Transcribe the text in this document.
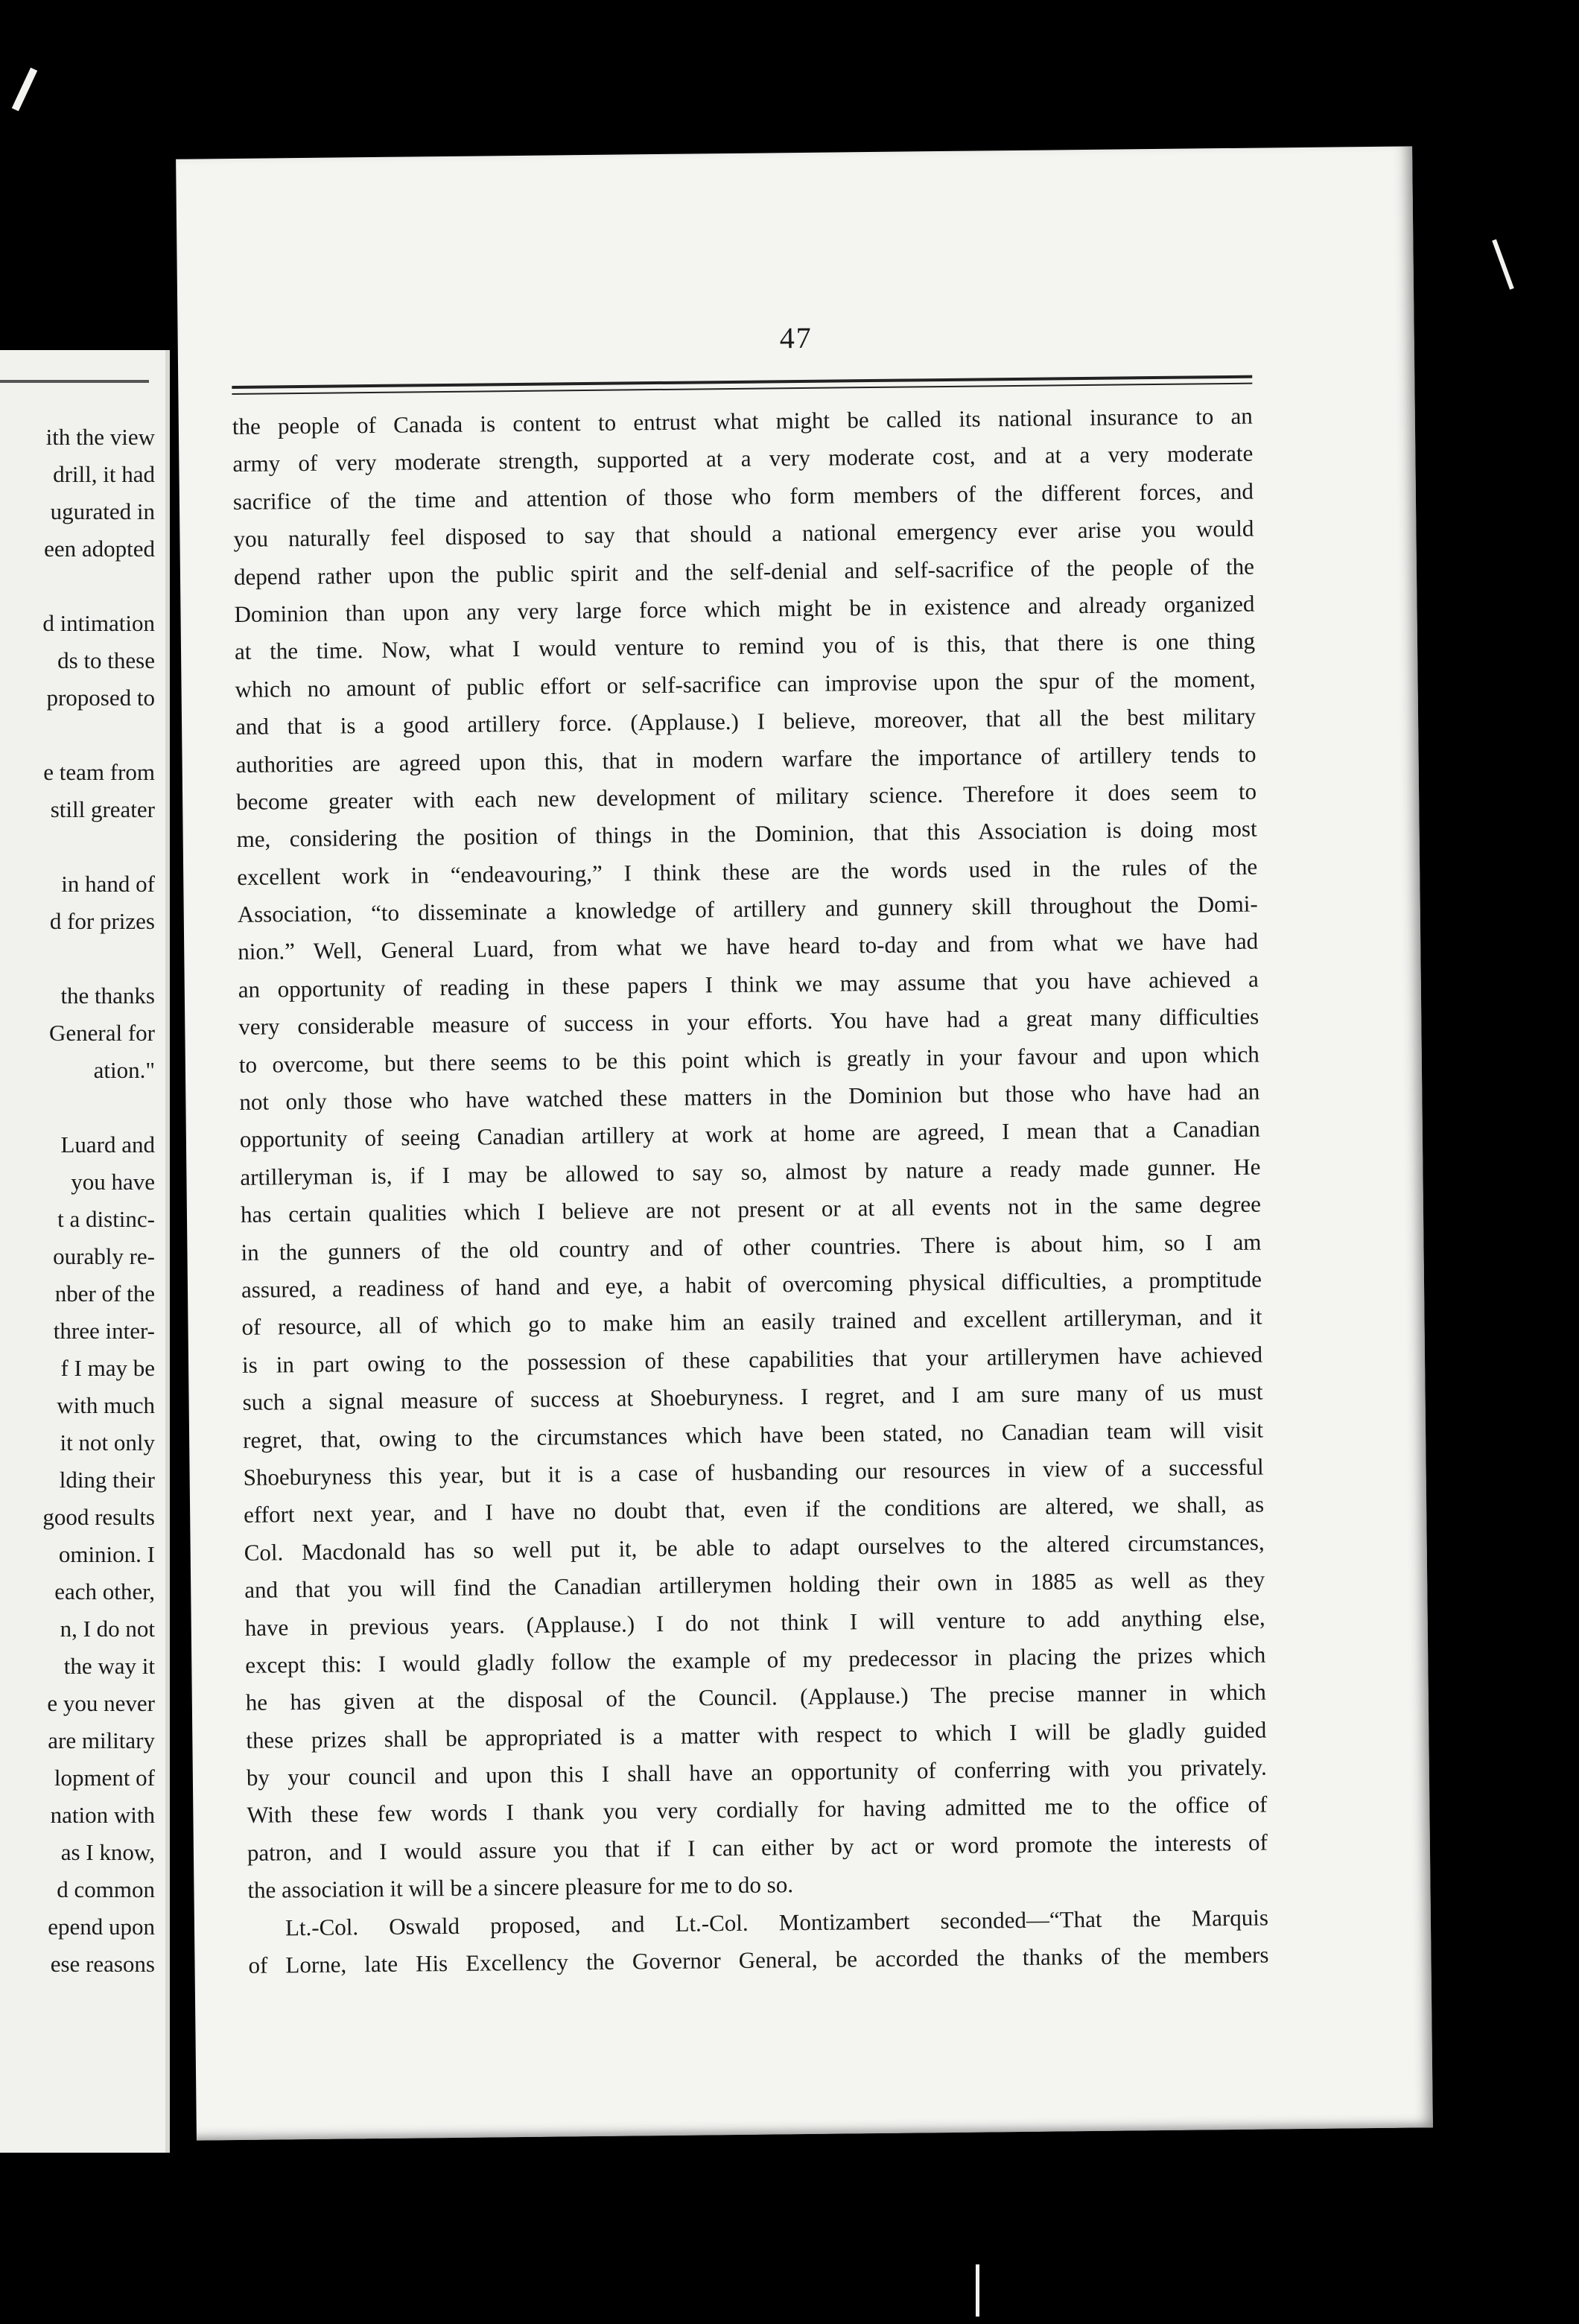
ith the view
drill, it had
ugurated in
een adopted
d intimation
ds to these
proposed to
e team from
still greater
in hand of
d for prizes
the thanks
General for
ation."
Luard and
you have
t a distinc-
ourably re-
nber of the
three inter-
f I may be
with much
it not only
lding their
good results
ominion. I
each other,
n, I do not
the way it
e you never
are military
lopment of
nation with
as I know,
d common
epend upon
ese reasons
47
the people of Canada is content to entrust what might be called its national insurance to an
army of very moderate strength, supported at a very moderate cost, and at a very moderate
sacrifice of the time and attention of those who form members of the different forces, and
you naturally feel disposed to say that should a national emergency ever arise you would
depend rather upon the public spirit and the self-denial and self-sacrifice of the people of the
Dominion than upon any very large force which might be in existence and already organized
at the time. Now, what I would venture to remind you of is this, that there is one thing
which no amount of public effort or self-sacrifice can improvise upon the spur of the moment,
and that is a good artillery force. (Applause.) I believe, moreover, that all the best military
authorities are agreed upon this, that in modern warfare the importance of artillery tends to
become greater with each new development of military science. Therefore it does seem to
me, considering the position of things in the Dominion, that this Association is doing most
excellent work in “endeavouring,” I think these are the words used in the rules of the
Association, “to disseminate a knowledge of artillery and gunnery skill throughout the Domi-
nion.” Well, General Luard, from what we have heard to-day and from what we have had
an opportunity of reading in these papers I think we may assume that you have achieved a
very considerable measure of success in your efforts. You have had a great many difficulties
to overcome, but there seems to be this point which is greatly in your favour and upon which
not only those who have watched these matters in the Dominion but those who have had an
opportunity of seeing Canadian artillery at work at home are agreed, I mean that a Canadian
artilleryman is, if I may be allowed to say so, almost by nature a ready made gunner. He
has certain qualities which I believe are not present or at all events not in the same degree
in the gunners of the old country and of other countries. There is about him, so I am
assured, a readiness of hand and eye, a habit of overcoming physical difficulties, a promptitude
of resource, all of which go to make him an easily trained and excellent artilleryman, and it
is in part owing to the possession of these capabilities that your artillerymen have achieved
such a signal measure of success at Shoeburyness. I regret, and I am sure many of us must
regret, that, owing to the circumstances which have been stated, no Canadian team will visit
Shoeburyness this year, but it is a case of husbanding our resources in view of a successful
effort next year, and I have no doubt that, even if the conditions are altered, we shall, as
Col. Macdonald has so well put it, be able to adapt ourselves to the altered circumstances,
and that you will find the Canadian artillerymen holding their own in 1885 as well as they
have in previous years. (Applause.) I do not think I will venture to add anything else,
except this: I would gladly follow the example of my predecessor in placing the prizes which
he has given at the disposal of the Council. (Applause.) The precise manner in which
these prizes shall be appropriated is a matter with respect to which I will be gladly guided
by your council and upon this I shall have an opportunity of conferring with you privately.
With these few words I thank you very cordially for having admitted me to the office of
patron, and I would assure you that if I can either by act or word promote the interests of
the association it will be a sincere pleasure for me to do so.
Lt.-Col. Oswald proposed, and Lt.-Col. Montizambert seconded—“That the Marquis
of Lorne, late His Excellency the Governor General, be accorded the thanks of the members
